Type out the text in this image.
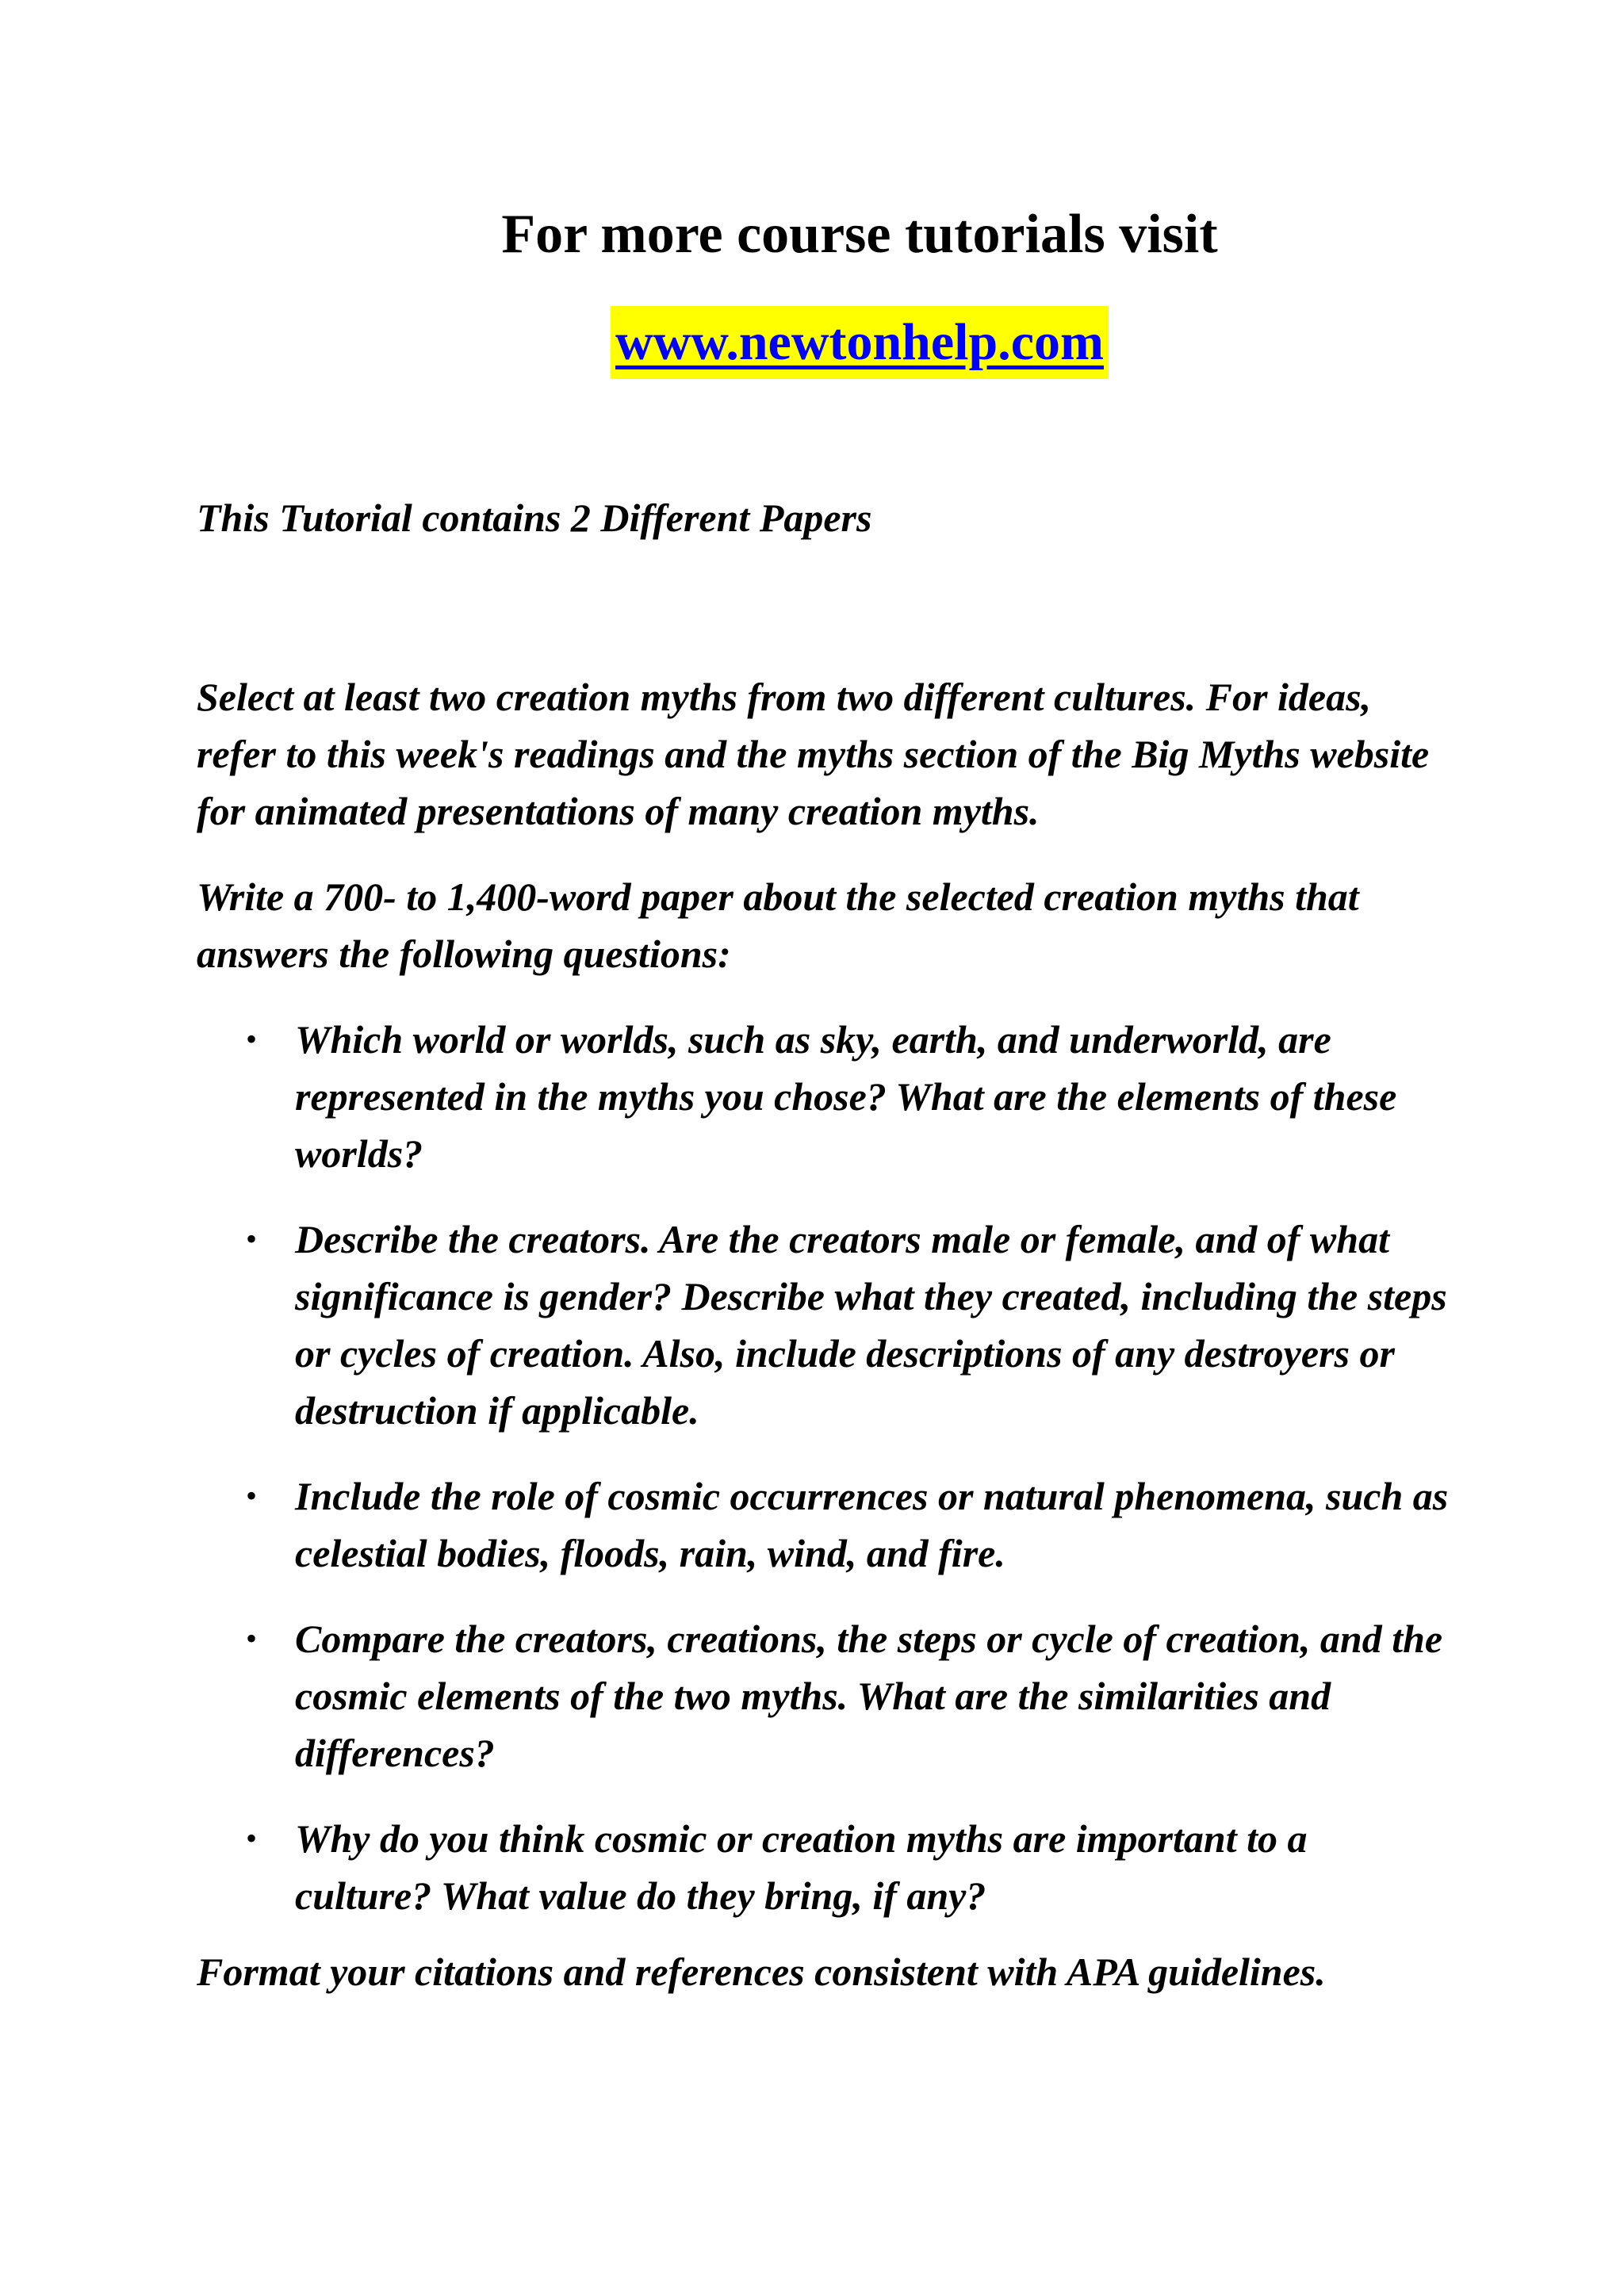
For more course tutorials visit
www.newtonhelp.com

This Tutorial contains 2 Different Papers

Select at least two creation myths from two different cultures. For ideas, refer to this week's readings and the myths section of the Big Myths website for animated presentations of many creation myths.

Write a 700- to 1,400-word paper about the selected creation myths that answers the following questions:

• Which world or worlds, such as sky, earth, and underworld, are represented in the myths you chose? What are the elements of these worlds?
• Describe the creators. Are the creators male or female, and of what significance is gender? Describe what they created, including the steps or cycles of creation. Also, include descriptions of any destroyers or destruction if applicable.
• Include the role of cosmic occurrences or natural phenomena, such as celestial bodies, floods, rain, wind, and fire.
• Compare the creators, creations, the steps or cycle of creation, and the cosmic elements of the two myths. What are the similarities and differences?
• Why do you think cosmic or creation myths are important to a culture? What value do they bring, if any?

Format your citations and references consistent with APA guidelines.
